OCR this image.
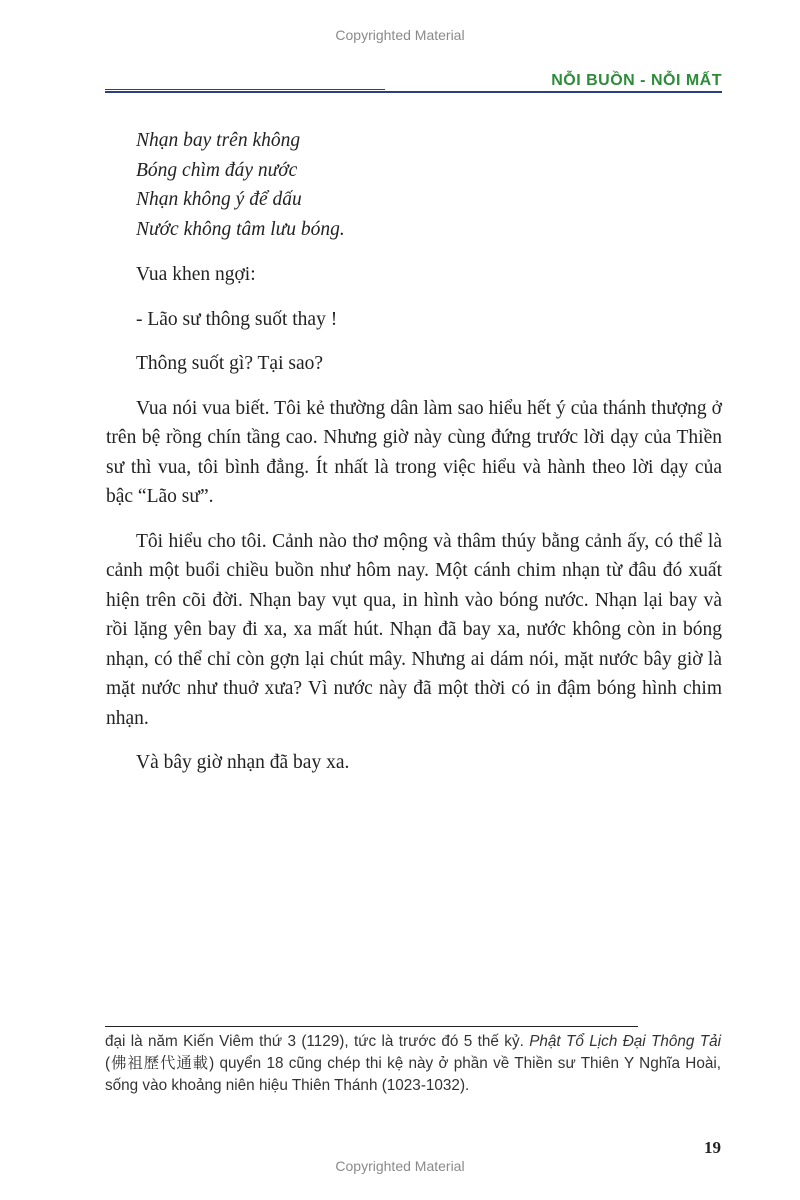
Copyrighted Material
NỖI BUỒN - NỖI MẤT
Nhạn bay trên không
Bóng chìm đáy nước
Nhạn không ý để dấu
Nước không tâm lưu bóng.

Vua khen ngợi:

- Lão sư thông suốt thay !

Thông suốt gì? Tại sao?

Vua nói vua biết. Tôi kẻ thường dân làm sao hiểu hết ý của thánh thượng ở trên bệ rồng chín tầng cao. Nhưng giờ này cùng đứng trước lời dạy của Thiền sư thì vua, tôi bình đẳng. Ít nhất là trong việc hiểu và hành theo lời dạy của bậc “Lão sư”.

Tôi hiểu cho tôi. Cảnh nào thơ mộng và thâm thúy bằng cảnh ấy, có thể là cảnh một buổi chiều buồn như hôm nay. Một cánh chim nhạn từ đâu đó xuất hiện trên cõi đời. Nhạn bay vụt qua, in hình vào bóng nước. Nhạn lại bay và rồi lặng yên bay đi xa, xa mất hút. Nhạn đã bay xa, nước không còn in bóng nhạn, có thể chỉ còn gợn lại chút mây. Nhưng ai dám nói, mặt nước bây giờ là mặt nước như thuở xưa? Vì nước này đã một thời có in đậm bóng hình chim nhạn.

Và bây giờ nhạn đã bay xa.

đại là năm Kiến Viêm thứ 3 (1129), tức là trước đó 5 thế kỷ. Phật Tổ Lịch Đại Thông Tải (佛祖歷代通載) quyển 18 cũng chép thi kệ này ở phần về Thiền sư Thiên Y Nghĩa Hoài, sống vào khoảng niên hiệu Thiên Thánh (1023-1032).
19
Copyrighted Material
